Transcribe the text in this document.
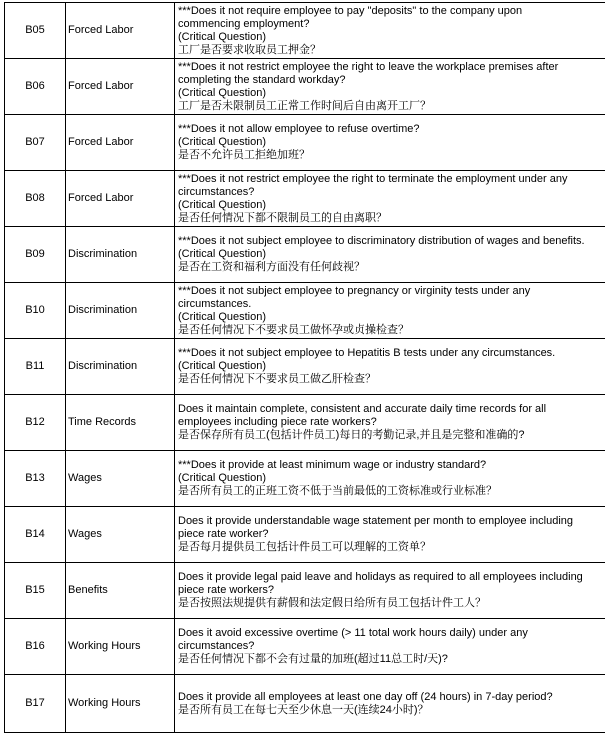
B05	Forced Labor	***Does it not require employee to pay "deposits" to the company upon
commencing employment?
(Critical Question)
工厂是否要求收取员工押金？

B06	Forced Labor	***Does it not restrict employee the right to leave the workplace premises after
completing the standard workday?
(Critical Question)
工厂是否未限制员工正常工作时间后自由离开工厂？

B07	Forced Labor	***Does it not allow employee to refuse overtime?
(Critical Question)
是否不允许员工拒绝加班？

B08	Forced Labor	***Does it not restrict employee the right to terminate the employment under any
circumstances?
(Critical Question)
是否任何情况下都不限制员工的自由离职？

B09	Discrimination	***Does it not subject employee to discriminatory distribution of wages and benefits.
(Critical Question)
是否在工资和福利方面没有任何歧视？

B10	Discrimination	***Does it not subject employee to pregnancy or virginity tests under any
circumstances.
(Critical Question)
是否任何情况下不要求员工做怀孕或贞操检查？

B11	Discrimination	***Does it not subject employee to Hepatitis B tests under any circumstances.
(Critical Question)
是否任何情况下不要求员工做乙肝检查？

B12	Time Records	Does it maintain complete, consistent and accurate daily time records for all
employees including piece rate workers?
是否保存所有员工(包括计件员工)每日的考勤记录,并且是完整和准确的?

B13	Wages	***Does it provide at least minimum wage or industry standard?
(Critical Question)
是否所有员工的正班工资不低于当前最低的工资标准或行业标准？

B14	Wages	Does it provide understandable wage statement per month to employee including
piece rate worker?
是否每月提供员工包括计件员工可以理解的工资单？

B15	Benefits	Does it provide legal paid leave and holidays as required to all employees including
piece rate workers?
是否按照法规提供有薪假和法定假日给所有员工包括计件工人？

B16	Working Hours	Does it avoid excessive overtime (> 11 total work hours daily) under any
circumstances?
是否任何情况下都不会有过量的加班(超过11总工时/天)?

B17	Working Hours	Does it provide all employees at least one day off (24 hours) in 7-day period?
是否所有员工在每七天至少休息一天(连续24小时)？
